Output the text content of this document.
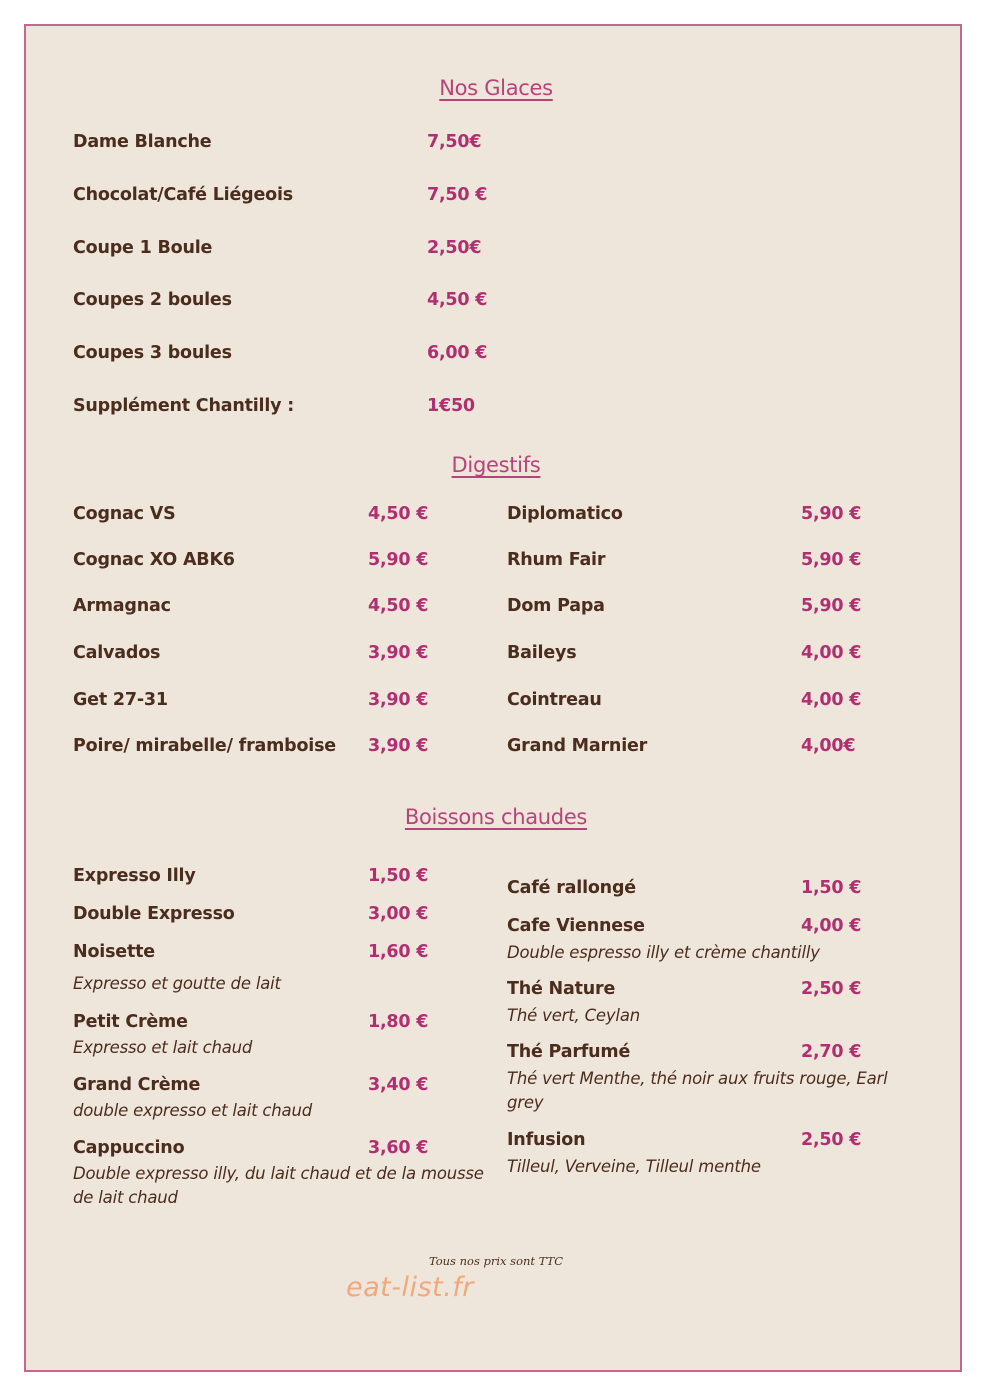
Nos Glaces
Dame Blanche	7,50€
Chocolat/Café Liégeois	7,50 €
Coupe 1 Boule	2,50€
Coupes 2 boules	4,50 €
Coupes 3 boules	6,00 €
Supplément Chantilly :	1€50
Digestifs
Cognac VS	4,50 €	Diplomatico	5,90 €
Cognac XO ABK6	5,90 €	Rhum Fair	5,90 €
Armagnac	4,50 €	Dom Papa	5,90 €
Calvados	3,90 €	Baileys	4,00 €
Get 27-31	3,90 €	Cointreau	4,00 €
Poire/ mirabelle/ framboise 3,90 €	Grand Marnier	4,00€
Boissons chaudes
Expresso Illy	1,50 €
Double Expresso	3,00 €
Noisette	1,60 €
Expresso et goutte de lait
Petit Crème	1,80 €
Expresso et lait chaud
Grand Crème	3,40 €
double expresso et lait chaud
Cappuccino	3,60 €
Double expresso illy, du lait chaud et de la mousse de lait chaud
Café rallongé	1,50 €
Cafe Viennese	4,00 €
Double espresso illy et crème chantilly
Thé Nature	2,50 €
Thé vert, Ceylan
Thé Parfumé	2,70 €
Thé vert Menthe, thé noir aux fruits rouge, Earl grey
Infusion	2,50 €
Tilleul, Verveine, Tilleul menthe
Tous nos prix sont TTC
eat-list.fr
